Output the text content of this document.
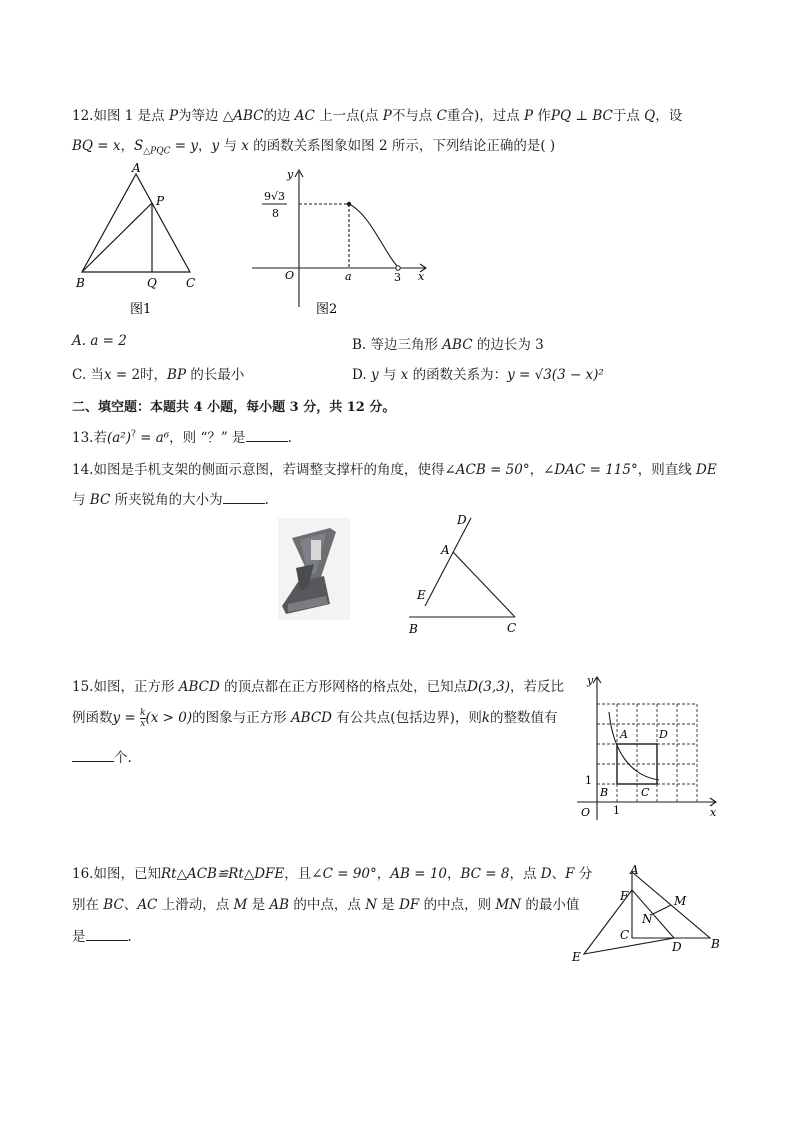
12.如图 1 是点 P为等边 △ABC的边 AC 上一点(点 P不与点 C重合)，过点 P 作PQ ⊥ BC于点 Q，设
BQ = x，$S_{\triangle PQC} = y$，y 与 x 的函数关系图象如图 2 所示，下列结论正确的是( )
A
P
B	Q C
图1
y
9√3
8
O	a	3 x
图2
A. a = 2	B. 等边三角形 ABC 的边长为 3
C. 当x = 2时，BP 的长最小	D. y 与 x 的函数关系为：y = √3(3 − x)²
二、填空题：本题共 4 小题，每小题 3 分，共 12 分。
13.若(a²)? = a⁶，则 “？” 是	.
14.如图是手机支架的侧面示意图，若调整支撑杆的角度，使得∠ACB = 50°，∠DAC = 115°，则直线 DE
与 BC 所夹锐角的大小为	.
D
A
E
B	C
15.如图，正方形 ABCD 的顶点都在正方形网格的格点处，已知点D(3,3)，若反比
例函数$y = \frac{k}{x} (x > 0)$的图象与正方形 ABCD 有公共点(包括边界)，则k的整数值有
个.
y
A	D
1
B	C
O 1	x
16.如图，已知Rt△ACB≌Rt△DFE，且∠C = 90°，AB = 10，BC = 8，点 D、F 分
别在 BC、AC 上滑动，点 M 是 AB 的中点，点 N 是 DF 的中点，则 MN 的最小值
是	.
A
F	M
N
C
D B
E
